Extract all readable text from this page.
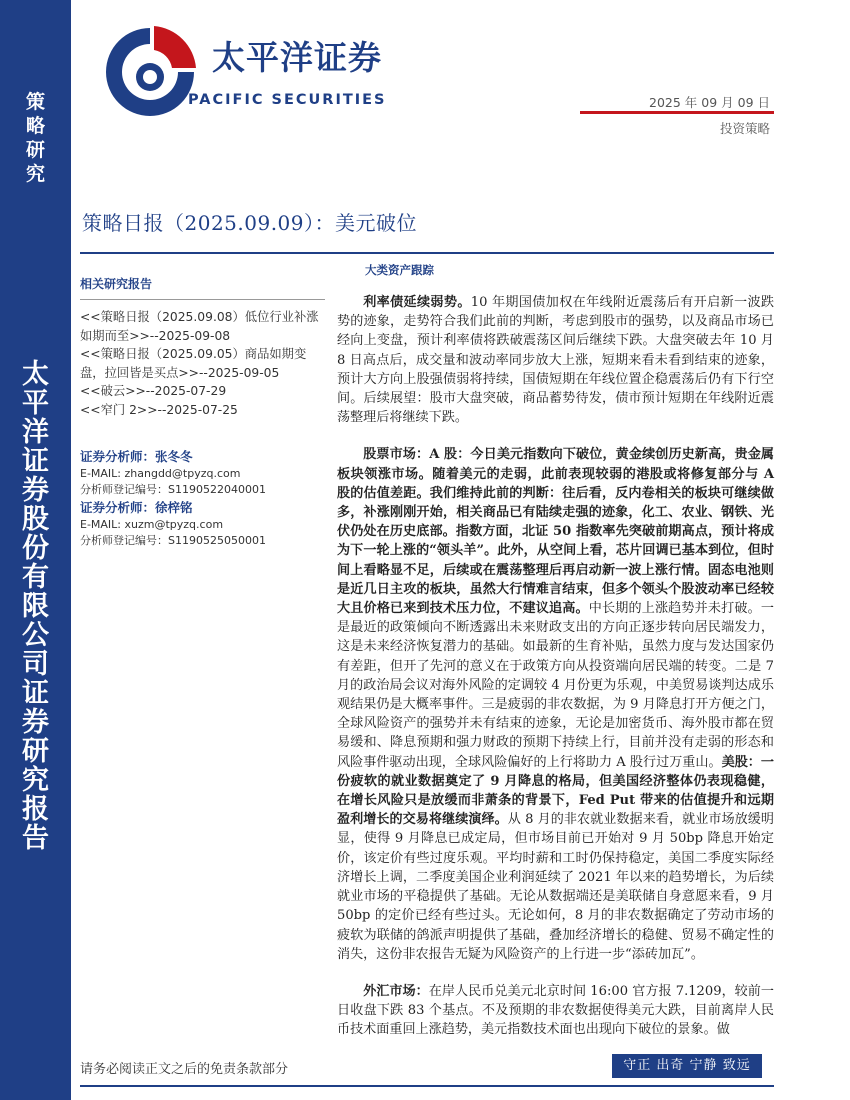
策
略
研
究
太
平
洋
证
券
股
份
有
限
公
司
证
券
研
究
报
告
太平洋证券
PACIFIC SECURITIES	2025 年 09 月 09 日
投资策略
策略日报（2025.09.09）：美元破位
相关研究报告
<<策略日报（2025.09.08）低位行业补涨如期而至>>--2025-09-08
<<策略日报（2025.09.05）商品如期变盘，拉回皆是买点>>--2025-09-05
<<破云>>--2025-07-29
<<窄门 2>>--2025-07-25
证券分析师：张冬冬
E-MAIL: zhangdd@tpyzq.com
分析师登记编号：S1190522040001
证券分析师：徐梓铭
E-MAIL: xuzm@tpyzq.com
分析师登记编号：S1190525050001
大类资产跟踪

利率债延续弱势。10 年期国债加权在年线附近震荡后有开启新一波跌势的迹象，走势符合我们此前的判断，考虑到股市的强势，以及商品市场已经向上变盘，预计利率债将跌破震荡区间后继续下跌。大盘突破去年 10 月 8 日高点后，成交量和波动率同步放大上涨，短期来看未看到结束的迹象，预计大方向上股强债弱将持续，国债短期在年线位置企稳震荡后仍有下行空间。后续展望：股市大盘突破，商品蓄势待发，债市预计短期在年线附近震荡整理后将继续下跌。

股票市场：A 股：今日美元指数向下破位，黄金续创历史新高，贵金属板块领涨市场。随着美元的走弱，此前表现较弱的港股或将修复部分与 A 股的估值差距。我们维持此前的判断：往后看，反内卷相关的板块可继续做多，补涨刚刚开始，相关商品已有陆续走强的迹象，化工、农业、钢铁、光伏仍处在历史底部。指数方面，北证 50 指数率先突破前期高点，预计将成为下一轮上涨的“领头羊”。此外，从空间上看，芯片回调已基本到位，但时间上看略显不足，后续或在震荡整理后再启动新一波上涨行情。固态电池则是近几日主攻的板块，虽然大行情难言结束，但多个领头个股波动率已经较大且价格已来到技术压力位，不建议追高。中长期的上涨趋势并未打破。一是最近的政策倾向不断透露出未来财政支出的方向正逐步转向居民端发力，这是未来经济恢复潜力的基础。如最新的生育补贴，虽然力度与发达国家仍有差距，但开了先河的意义在于政策方向从投资端向居民端的转变。二是 7 月的政治局会议对海外风险的定调较 4 月份更为乐观，中美贸易谈判达成乐观结果仍是大概率事件。三是疲弱的非农数据，为 9 月降息打开方便之门，全球风险资产的强势并未有结束的迹象，无论是加密货币、海外股市都在贸易缓和、降息预期和强力财政的预期下持续上行，目前并没有走弱的形态和风险事件驱动出现，全球风险偏好的上行将助力 A 股行过万重山。美股：一份疲软的就业数据奠定了 9 月降息的格局，但美国经济整体仍表现稳健，在增长风险只是放缓而非萧条的背景下，Fed Put 带来的估值提升和远期盈利增长的交易将继续演绎。从 8 月的非农就业数据来看，就业市场放缓明显，使得 9 月降息已成定局，但市场目前已开始对 9 月 50bp 降息开始定价，该定价有些过度乐观。平均时薪和工时仍保持稳定，美国二季度实际经济增长上调，二季度美国企业利润延续了 2021 年以来的趋势增长，为后续就业市场的平稳提供了基础。无论从数据端还是美联储自身意愿来看，9 月 50bp 的定价已经有些过头。无论如何，8 月的非农数据确定了劳动市场的疲软为联储的鸽派声明提供了基础，叠加经济增长的稳健、贸易不确定性的消失，这份非农报告无疑为风险资产的上行进一步“添砖加瓦”。

外汇市场：在岸人民币兑美元北京时间 16:00 官方报 7.1209，较前一日收盘下跌 83 个基点。不及预期的非农数据使得美元大跌，目前离岸人民币技术面重回上涨趋势，美元指数技术面也出现向下破位的景象。做

请务必阅读正文之后的免责条款部分	守正 出奇 宁静 致远
